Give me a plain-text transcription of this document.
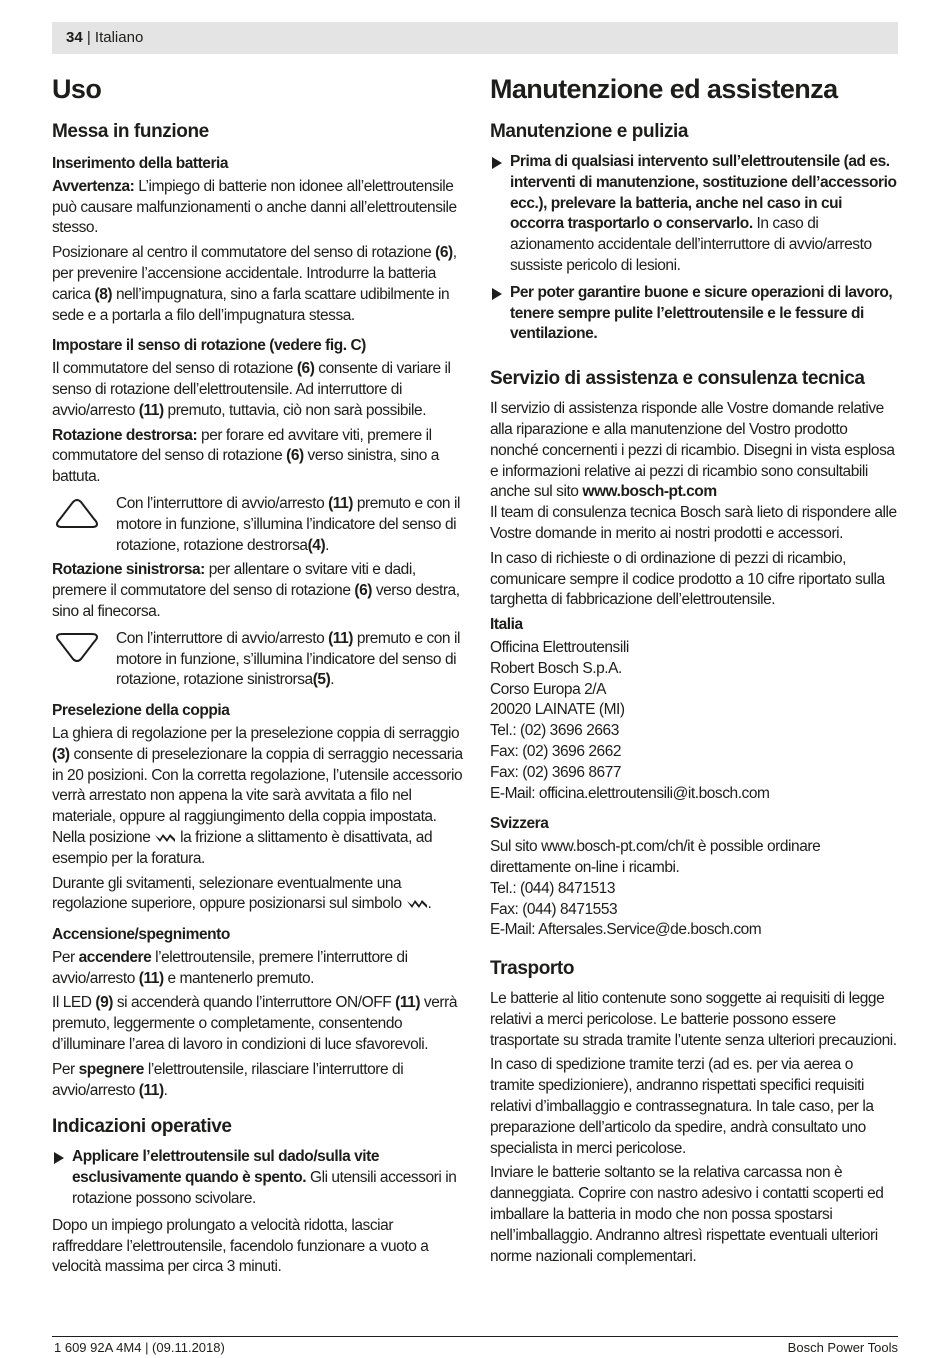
34 | Italiano
Uso
Messa in funzione
Inserimento della batteria

Avvertenza: L’impiego di batterie non idonee all’elettroutensile può causare malfunzionamenti o anche danni all’elettroutensile stesso.

Posizionare al centro il commutatore del senso di rotazione (6), per prevenire l’accensione accidentale. Introdurre la batteria carica (8) nell’impugnatura, sino a farla scattare udibilmente in sede e a portarla a filo dell’impugnatura stessa.

Impostare il senso di rotazione (vedere fig. C)

Il commutatore del senso di rotazione (6) consente di variare il senso di rotazione dell’elettroutensile. Ad interruttore di avvio/arresto (11) premuto, tuttavia, ciò non sarà possibile.

Rotazione destrorsa: per forare ed avvitare viti, premere il commutatore del senso di rotazione (6) verso sinistra, sino a battuta.

Con l’interruttore di avvio/arresto (11) premuto e con il motore in funzione, s’illumina l’indicatore del senso di rotazione, rotazione destrorsa(4).

Rotazione sinistrorsa: per allentare o svitare viti e dadi, premere il commutatore del senso di rotazione (6) verso destra, sino al finecorsa.

Con l’interruttore di avvio/arresto (11) premuto e con il motore in funzione, s’illumina l’indicatore del senso di rotazione, rotazione sinistrorsa(5).
Preselezione della coppia

La ghiera di regolazione per la preselezione coppia di serraggio (3) consente di preselezionare la coppia di serraggio necessaria in 20 posizioni. Con la corretta regolazione, l’utensile accessorio verrà arrestato non appena la vite sarà avvitata a filo nel materiale, oppure al raggiungimento della coppia impostata. Nella posizione  la frizione a slittamento è disattivata, ad esempio per la foratura.

Durante gli svitamenti, selezionare eventualmente una regolazione superiore, oppure posizionarsi sul simbolo .

Accensione/spegnimento

Per accendere l’elettroutensile, premere l’interruttore di avvio/arresto (11) e mantenerlo premuto.

Il LED (9) si accenderà quando l’interruttore ON/OFF (11) verrà premuto, leggermente o completamente, consentendo d’illuminare l’area di lavoro in condizioni di luce sfavorevoli.

Per spegnere l’elettroutensile, rilasciare l’interruttore di avvio/arresto (11).

Indicazioni operative
Applicare l’elettroutensile sul dado/sulla vite esclusivamente quando è spento. Gli utensili accessori in rotazione possono scivolare.

Dopo un impiego prolungato a velocità ridotta, lasciar raffreddare l’elettroutensile, facendolo funzionare a vuoto a velocità massima per circa 3 minuti.

Manutenzione ed assistenza
Manutenzione e pulizia
Prima di qualsiasi intervento sull’elettroutensile (ad es. interventi di manutenzione, sostituzione dell’accessorio ecc.), prelevare la batteria, anche nel caso in cui occorra trasportarlo o conservarlo. In caso di azionamento accidentale dell’interruttore di avvio/arresto sussiste pericolo di lesioni.
Per poter garantire buone e sicure operazioni di lavoro, tenere sempre pulite l’elettroutensile e le fessure di ventilazione.
Servizio di assistenza e consulenza tecnica

Il servizio di assistenza risponde alle Vostre domande relative alla riparazione e alla manutenzione del Vostro prodotto nonché concernenti i pezzi di ricambio. Disegni in vista esplosa e informazioni relative ai pezzi di ricambio sono consultabili anche sul sito www.bosch-pt.com

Il team di consulenza tecnica Bosch sarà lieto di rispondere alle Vostre domande in merito ai nostri prodotti e accessori.

In caso di richieste o di ordinazione di pezzi di ricambio, comunicare sempre il codice prodotto a 10 cifre riportato sulla targhetta di fabbricazione dell’elettroutensile.

Italia

Officina Elettroutensili

Robert Bosch S.p.A.

Corso Europa 2/A

20020 LAINATE (MI)

Tel.: (02) 3696 2663

Fax: (02) 3696 2662

Fax: (02) 3696 8677

E-Mail: officina.elettroutensili@it.bosch.com

Svizzera

Sul sito www.bosch-pt.com/ch/it è possible ordinare direttamente on-line i ricambi.

Tel.: (044) 8471513

Fax: (044) 8471553

E-Mail: Aftersales.Service@de.bosch.com

Trasporto

Le batterie al litio contenute sono soggette ai requisiti di legge relativi a merci pericolose. Le batterie possono essere trasportate su strada tramite l’utente senza ulteriori precauzioni.

In caso di spedizione tramite terzi (ad es. per via aerea o tramite spedizioniere), andranno rispettati specifici requisiti relativi d’imballaggio e contrassegnatura. In tale caso, per la preparazione dell’articolo da spedire, andrà consultato uno specialista in merci pericolose.

Inviare le batterie soltanto se la relativa carcassa non è danneggiata. Coprire con nastro adesivo i contatti scoperti ed imballare la batteria in modo che non possa spostarsi nell’imballaggio. Andranno altresì rispettate eventuali ulteriori norme nazionali complementari.

1 609 92A 4M4 | (09.11.2018)	Bosch Power Tools
